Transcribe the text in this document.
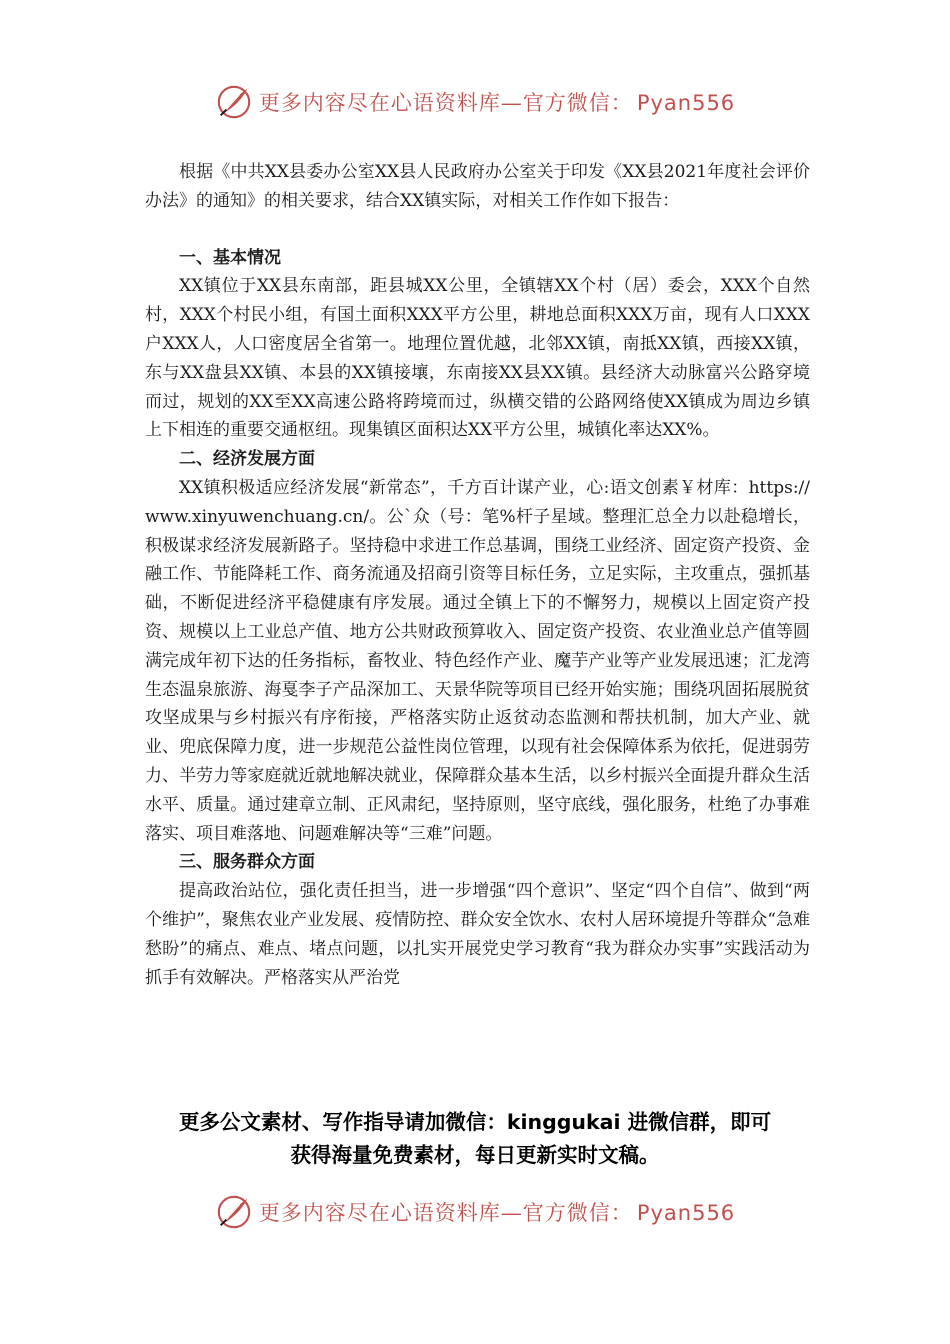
更多内容尽在心语资料库—官方微信： Pyan556

根据《中共XX县委办公室XX县人民政府办公室关于印发《XX县2021年度社会评价办法》的通知》的相关要求，结合XX镇实际，对相关工作作如下报告：

一、基本情况

XX镇位于XX县东南部，距县城XX公里，全镇辖XX个村（居）委会，XXX个自然村，XXX个村民小组，有国土面积XXX平方公里，耕地总面积XXX万亩，现有人口XXX户XXX人，人口密度居全省第一。地理位置优越，北邻XX镇，南抵XX镇，西接XX镇，东与XX盘县XX镇、本县的XX镇接壤，东南接XX县XX镇。县经济大动脉富兴公路穿境而过，规划的XX至XX高速公路将跨境而过，纵横交错的公路网络使XX镇成为周边乡镇上下相连的重要交通枢纽。现集镇区面积达XX平方公里，城镇化率达XX%。

二、经济发展方面

XX镇积极适应经济发展“新常态”，千方百计谋产业，心:语文创素￥材库：https://www.xinyuwenchuang.cn/。公`众（号：笔%杆子星域。整理汇总全力以赴稳增长，积极谋求经济发展新路子。坚持稳中求进工作总基调，围绕工业经济、固定资产投资、金融工作、节能降耗工作、商务流通及招商引资等目标任务，立足实际，主攻重点，强抓基础，不断促进经济平稳健康有序发展。通过全镇上下的不懈努力，规模以上固定资产投资、规模以上工业总产值、地方公共财政预算收入、固定资产投资、农业渔业总产值等圆满完成年初下达的任务指标，畜牧业、特色经作产业、魔芋产业等产业发展迅速；汇龙湾生态温泉旅游、海戛李子产品深加工、天景华院等项目已经开始实施；围绕巩固拓展脱贫攻坚成果与乡村振兴有序衔接，严格落实防止返贫动态监测和帮扶机制，加大产业、就业、兜底保障力度，进一步规范公益性岗位管理，以现有社会保障体系为依托，促进弱劳力、半劳力等家庭就近就地解决就业，保障群众基本生活，以乡村振兴全面提升群众生活水平、质量。通过建章立制、正风肃纪，坚持原则，坚守底线，强化服务，杜绝了办事难落实、项目难落地、问题难解决等“三难”问题。

三、服务群众方面

提高政治站位，强化责任担当，进一步增强“四个意识”、坚定“四个自信”、做到“两个维护”，聚焦农业产业发展、疫情防控、群众安全饮水、农村人居环境提升等群众“急难愁盼”的痛点、难点、堵点问题，以扎实开展党史学习教育“我为群众办实事”实践活动为抓手有效解决。严格落实从严治党

更多公文素材、写作指导请加微信：kinggukai 进微信群，即可

获得海量免费素材，每日更新实时文稿。

更多内容尽在心语资料库—官方微信： Pyan556
